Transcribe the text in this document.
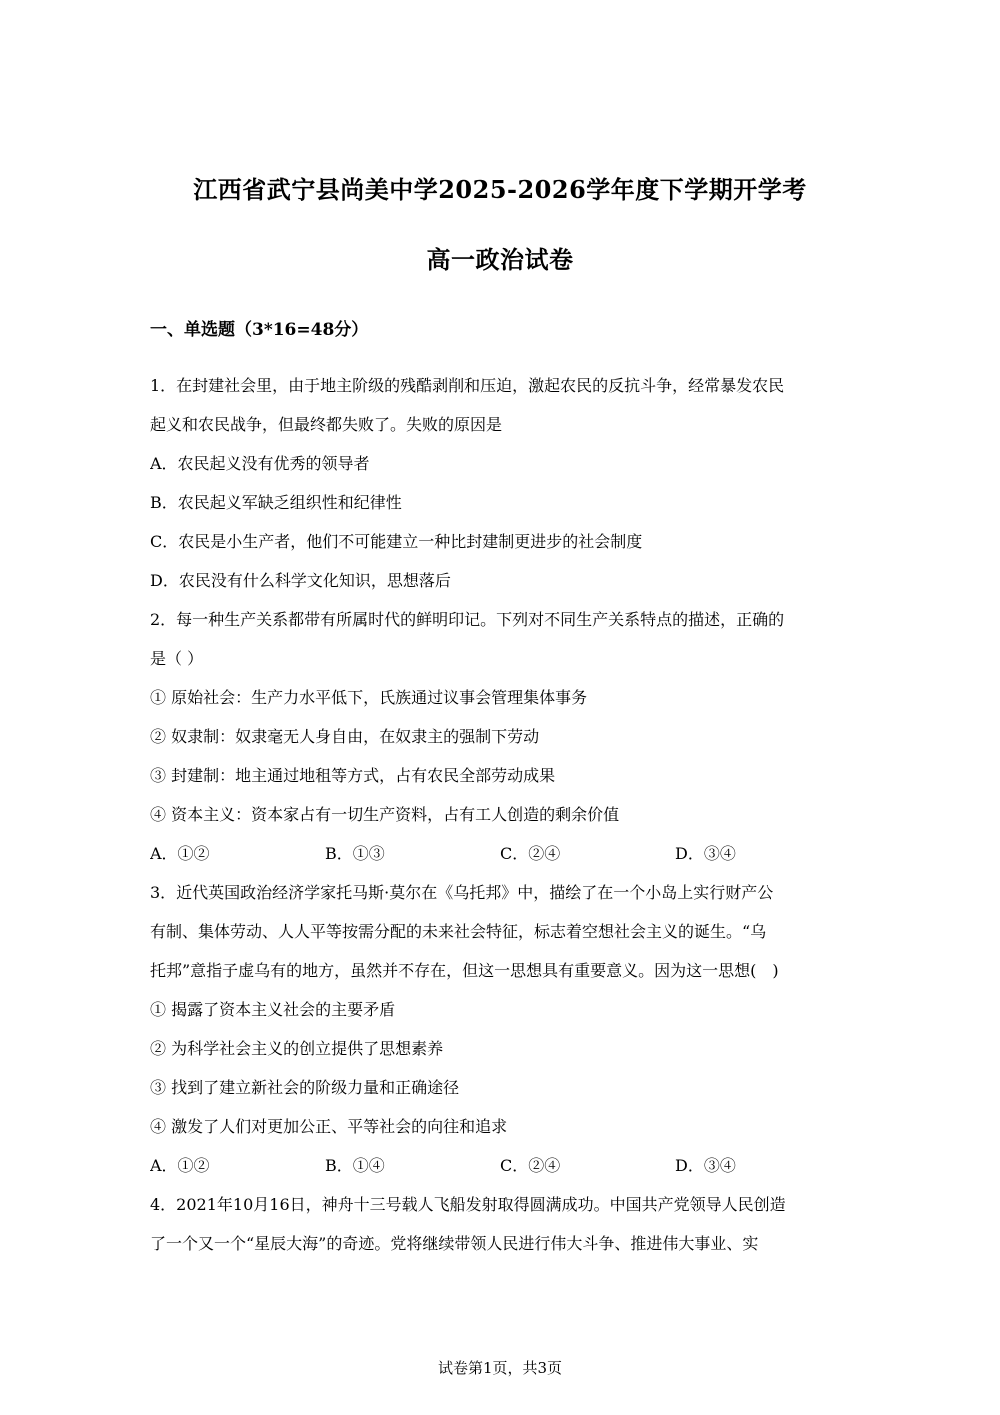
江西省武宁县尚美中学2025-2026学年度下学期开学考
高一政治试卷
一、单选题（3*16=48分）
1．在封建社会里，由于地主阶级的残酷剥削和压迫，激起农民的反抗斗争，经常暴发农民
起义和农民战争，但最终都失败了。失败的原因是
A．农民起义没有优秀的领导者
B．农民起义军缺乏组织性和纪律性
C．农民是小生产者，他们不可能建立一种比封建制更进步的社会制度
D．农民没有什么科学文化知识，思想落后
2．每一种生产关系都带有所属时代的鲜明印记。下列对不同生产关系特点的描述，正确的
是（ ）
① 原始社会：生产力水平低下，氏族通过议事会管理集体事务
② 奴隶制：奴隶毫无人身自由，在奴隶主的强制下劳动
③ 封建制：地主通过地租等方式，占有农民全部劳动成果
④ 资本主义：资本家占有一切生产资料，占有工人创造的剩余价值
A．①②	B．①③	C．②④	D．③④
3．近代英国政治经济学家托马斯·莫尔在《乌托邦》中，描绘了在一个小岛上实行财产公
有制、集体劳动、人人平等按需分配的未来社会特征，标志着空想社会主义的诞生。“乌
托邦”意指子虚乌有的地方，虽然并不存在，但这一思想具有重要意义。因为这一思想(　)
① 揭露了资本主义社会的主要矛盾
② 为科学社会主义的创立提供了思想素养
③ 找到了建立新社会的阶级力量和正确途径
④ 激发了人们对更加公正、平等社会的向往和追求
A．①②	B．①④	C．②④	D．③④
4．2021年10月16日，神舟十三号载人飞船发射取得圆满成功。中国共产党领导人民创造
了一个又一个“星辰大海”的奇迹。党将继续带领人民进行伟大斗争、推进伟大事业、实
试卷第1页，共3页
